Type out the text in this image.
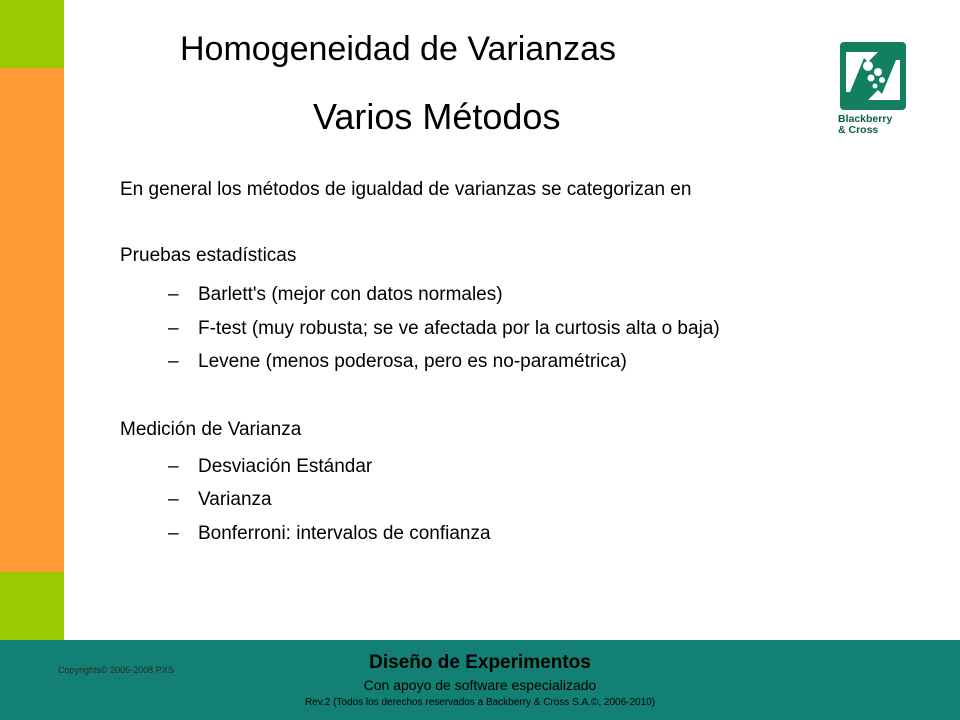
Homogeneidad de Varianzas
Varios Métodos	Blackberry
& Cross
En general los métodos de igualdad de varianzas se categorizan en
Pruebas estadísticas
– Barlett's (mejor con datos normales)
– F-test (muy robusta; se ve afectada por la curtosis alta o baja)
– Levene (menos poderosa, pero es no-paramétrica)
Medición de Varianza
– Desviación Estándar
– Varianza
– Bonferroni: intervalos de confianza
Copyrights© 2005-2008 PXS	Diseño de Experimentos
Con apoyo de software especializado
Rev.2 (Todos los derechos reservados a Backberry & Cross S.A.©, 2006-2010)
